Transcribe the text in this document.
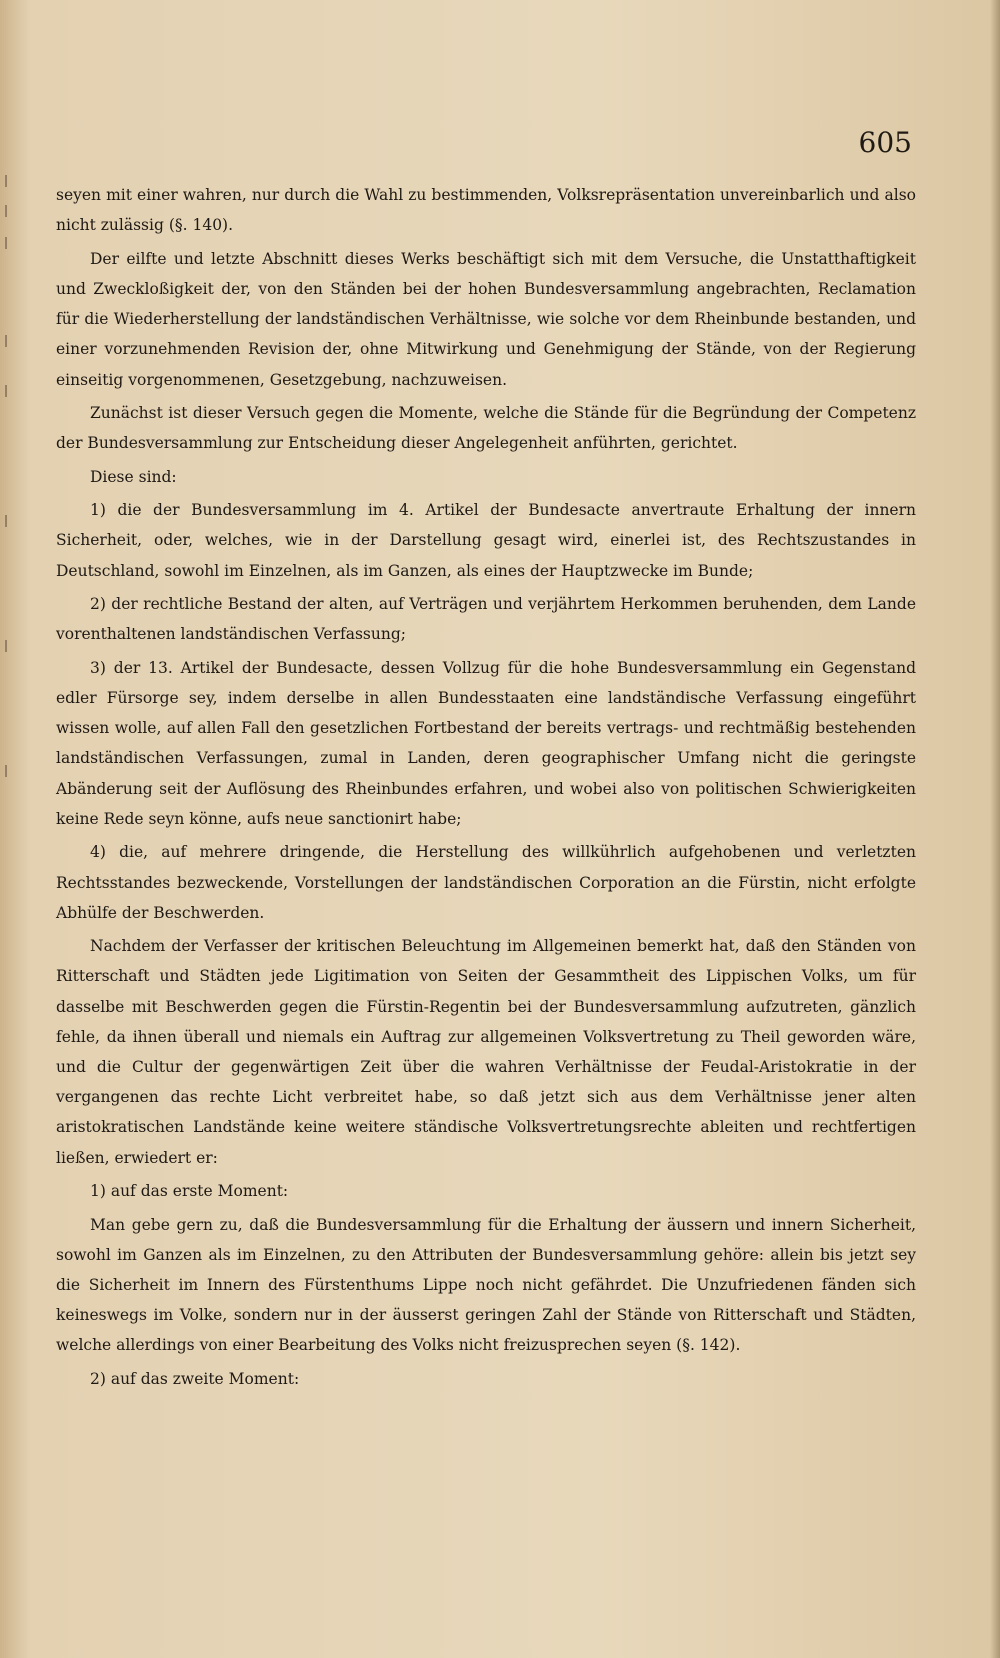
605

seyen mit einer wahren, nur durch die Wahl zu bestimmenden, Volksrepräsentation unvereinbarlich und also nicht zulässig (§. 140).

Der eilfte und letzte Abschnitt dieses Werks beschäftigt sich mit dem Versuche, die Unstatthaftigkeit und Zweckloßigkeit der, von den Ständen bei der hohen Bundesversammlung angebrachten, Reclamation für die Wiederherstellung der landständischen Verhältnisse, wie solche vor dem Rheinbunde bestanden, und einer vorzunehmenden Revision der, ohne Mitwirkung und Genehmigung der Stände, von der Regierung einseitig vorgenommenen, Gesetzgebung, nachzuweisen.

Zunächst ist dieser Versuch gegen die Momente, welche die Stände für die Begründung der Competenz der Bundesversammlung zur Entscheidung dieser Angelegenheit anführten, gerichtet.

Diese sind:

1) die der Bundesversammlung im 4. Artikel der Bundesacte anvertraute Erhaltung der innern Sicherheit, oder, welches, wie in der Darstellung gesagt wird, einerlei ist, des Rechtszustandes in Deutschland, sowohl im Einzelnen, als im Ganzen, als eines der Hauptzwecke im Bunde;

2) der rechtliche Bestand der alten, auf Verträgen und verjährtem Herkommen beruhenden, dem Lande vorenthaltenen landständischen Verfassung;

3) der 13. Artikel der Bundesacte, dessen Vollzug für die hohe Bundesversammlung ein Gegenstand edler Fürsorge sey, indem derselbe in allen Bundesstaaten eine landständische Verfassung eingeführt wissen wolle, auf allen Fall den gesetzlichen Fortbestand der bereits vertrags- und rechtmäßig bestehenden landständischen Verfassungen, zumal in Landen, deren geographischer Umfang nicht die geringste Abänderung seit der Auflösung des Rheinbundes erfahren, und wobei also von politischen Schwierigkeiten keine Rede seyn könne, aufs neue sanctionirt habe;

4) die, auf mehrere dringende, die Herstellung des willkührlich aufgehobenen und verletzten Rechtsstandes bezweckende, Vorstellungen der landständischen Corporation an die Fürstin, nicht erfolgte Abhülfe der Beschwerden.

Nachdem der Verfasser der kritischen Beleuchtung im Allgemeinen bemerkt hat, daß den Ständen von Ritterschaft und Städten jede Ligitimation von Seiten der Gesammtheit des Lippischen Volks, um für dasselbe mit Beschwerden gegen die Fürstin-Regentin bei der Bundesversammlung aufzutreten, gänzlich fehle, da ihnen überall und niemals ein Auftrag zur allgemeinen Volksvertretung zu Theil geworden wäre, und die Cultur der gegenwärtigen Zeit über die wahren Verhältnisse der Feudal-Aristokratie in der vergangenen das rechte Licht verbreitet habe, so daß jetzt sich aus dem Verhältnisse jener alten aristokratischen Landstände keine weitere ständische Volksvertretungsrechte ableiten und rechtfertigen ließen, erwiedert er:

1) auf das erste Moment:

Man gebe gern zu, daß die Bundesversammlung für die Erhaltung der äussern und innern Sicherheit, sowohl im Ganzen als im Einzelnen, zu den Attributen der Bundesversammlung gehöre: allein bis jetzt sey die Sicherheit im Innern des Fürstenthums Lippe noch nicht gefährdet. Die Unzufriedenen fänden sich keineswegs im Volke, sondern nur in der äusserst geringen Zahl der Stände von Ritterschaft und Städten, welche allerdings von einer Bearbeitung des Volks nicht freizusprechen seyen (§. 142).

2) auf das zweite Moment:
